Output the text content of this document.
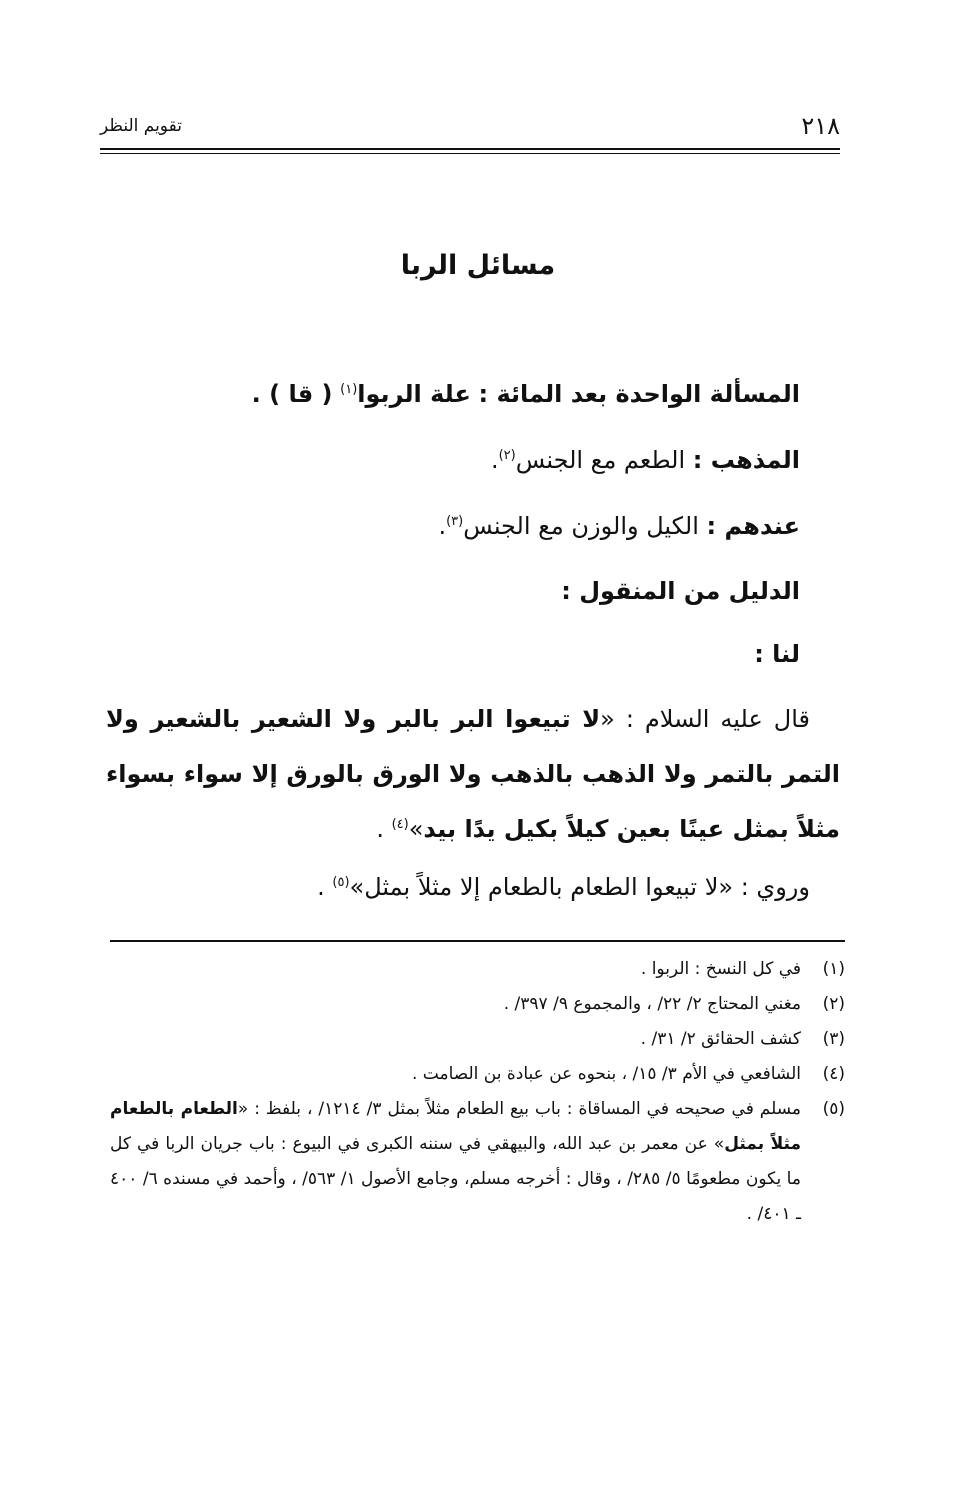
٢١٨
تقويم النظر
مسائل الربا
المسألة الواحدة بعد المائة : علة الربوا$^{(١)}$ ( قا ) .
المذهب : الطعم مع الجنس$^{(٢)}$.
عندهم : الكيل والوزن مع الجنس$^{(٣)}$.
الدليل من المنقول :
لنا :
قال عليه السلام : «لا تبيعوا البر بالبر ولا الشعير بالشعير ولا التمر بالتمر ولا الذهب بالذهب ولا الورق بالورق إلا سواء بسواء مثلاً بمثل عينًا بعين كيلاً بكيل يدًا بيد»$^{(٤)}$ .
وروي : «لا تبيعوا الطعام بالطعام إلا مثلاً بمثل»$^{(٥)}$ .
(١)
في كل النسخ : الربوا .
(٢)
مغني المحتاج ٢/ ٢٢/ ، والمجموع ٩/ ٣٩٧/ .
(٣)
كشف الحقائق ٢/ ٣١/ .
(٤)
الشافعي في الأم ٣/ ١٥/ ، بنحوه عن عبادة بن الصامت .
(٥)
مسلم في صحيحه في المساقاة : باب بيع الطعام مثلاً بمثل ٣/ ١٢١٤/ ، بلفظ : «الطعام بالطعام مثلاً بمثل» عن معمر بن عبد الله، والبيهقي في سننه الكبرى في البيوع : باب جريان الربا في كل ما يكون مطعومًا ٥/ ٢٨٥/ ، وقال : أخرجه مسلم، وجامع الأصول ١/ ٥٦٣/ ، وأحمد في مسنده ٦/ ٤٠٠ ـ ٤٠١/ .
